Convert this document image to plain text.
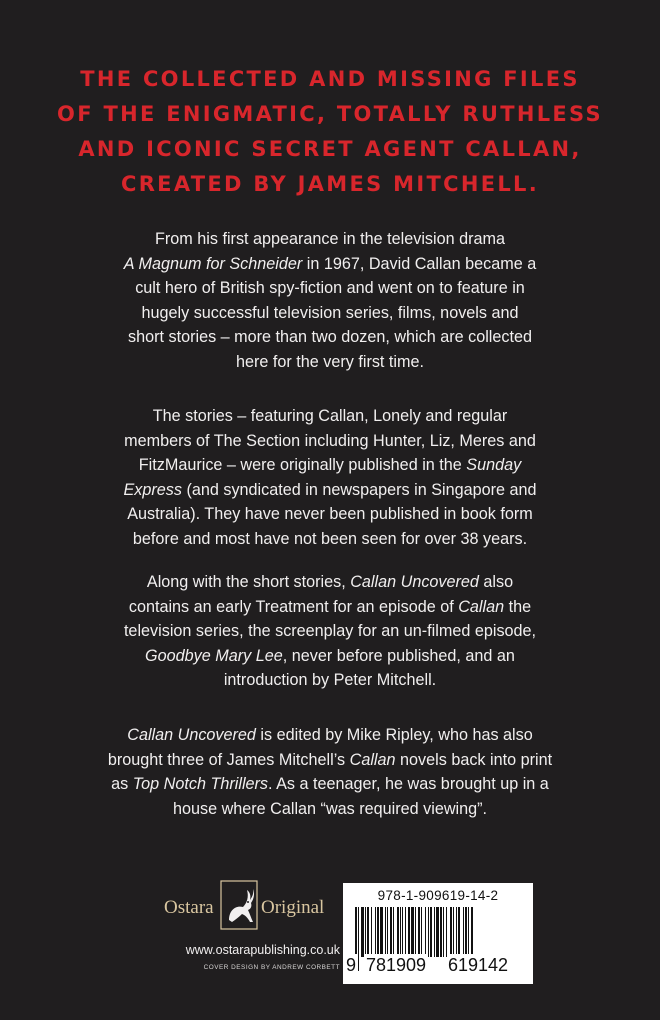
THE COLLECTED AND MISSING FILES
OF THE ENIGMATIC, TOTALLY RUTHLESS
AND ICONIC SECRET AGENT CALLAN,
CREATED BY JAMES MITCHELL.
From his first appearance in the television drama
A Magnum for Schneider in 1967, David Callan became a
cult hero of British spy-fiction and went on to feature in
hugely successful television series, films, novels and
short stories – more than two dozen, which are collected
here for the very first time.
The stories – featuring Callan, Lonely and regular
members of The Section including Hunter, Liz, Meres and
FitzMaurice – were originally published in the Sunday
Express (and syndicated in newspapers in Singapore and
Australia). They have never been published in book form
before and most have not been seen for over 38 years.
Along with the short stories, Callan Uncovered also
contains an early Treatment for an episode of Callan the
television series, the screenplay for an un-filmed episode,
Goodbye Mary Lee, never before published, and an
introduction by Peter Mitchell.
Callan Uncovered is edited by Mike Ripley, who has also
brought three of James Mitchell’s Callan novels back into print
as Top Notch Thrillers. As a teenager, he was brought up in a
house where Callan “was required viewing”.
Ostara Original
www.ostarapublishing.co.uk
COVER DESIGN BY ANDREW CORBETT
978-1-909619-14-2
9 781909 619142
